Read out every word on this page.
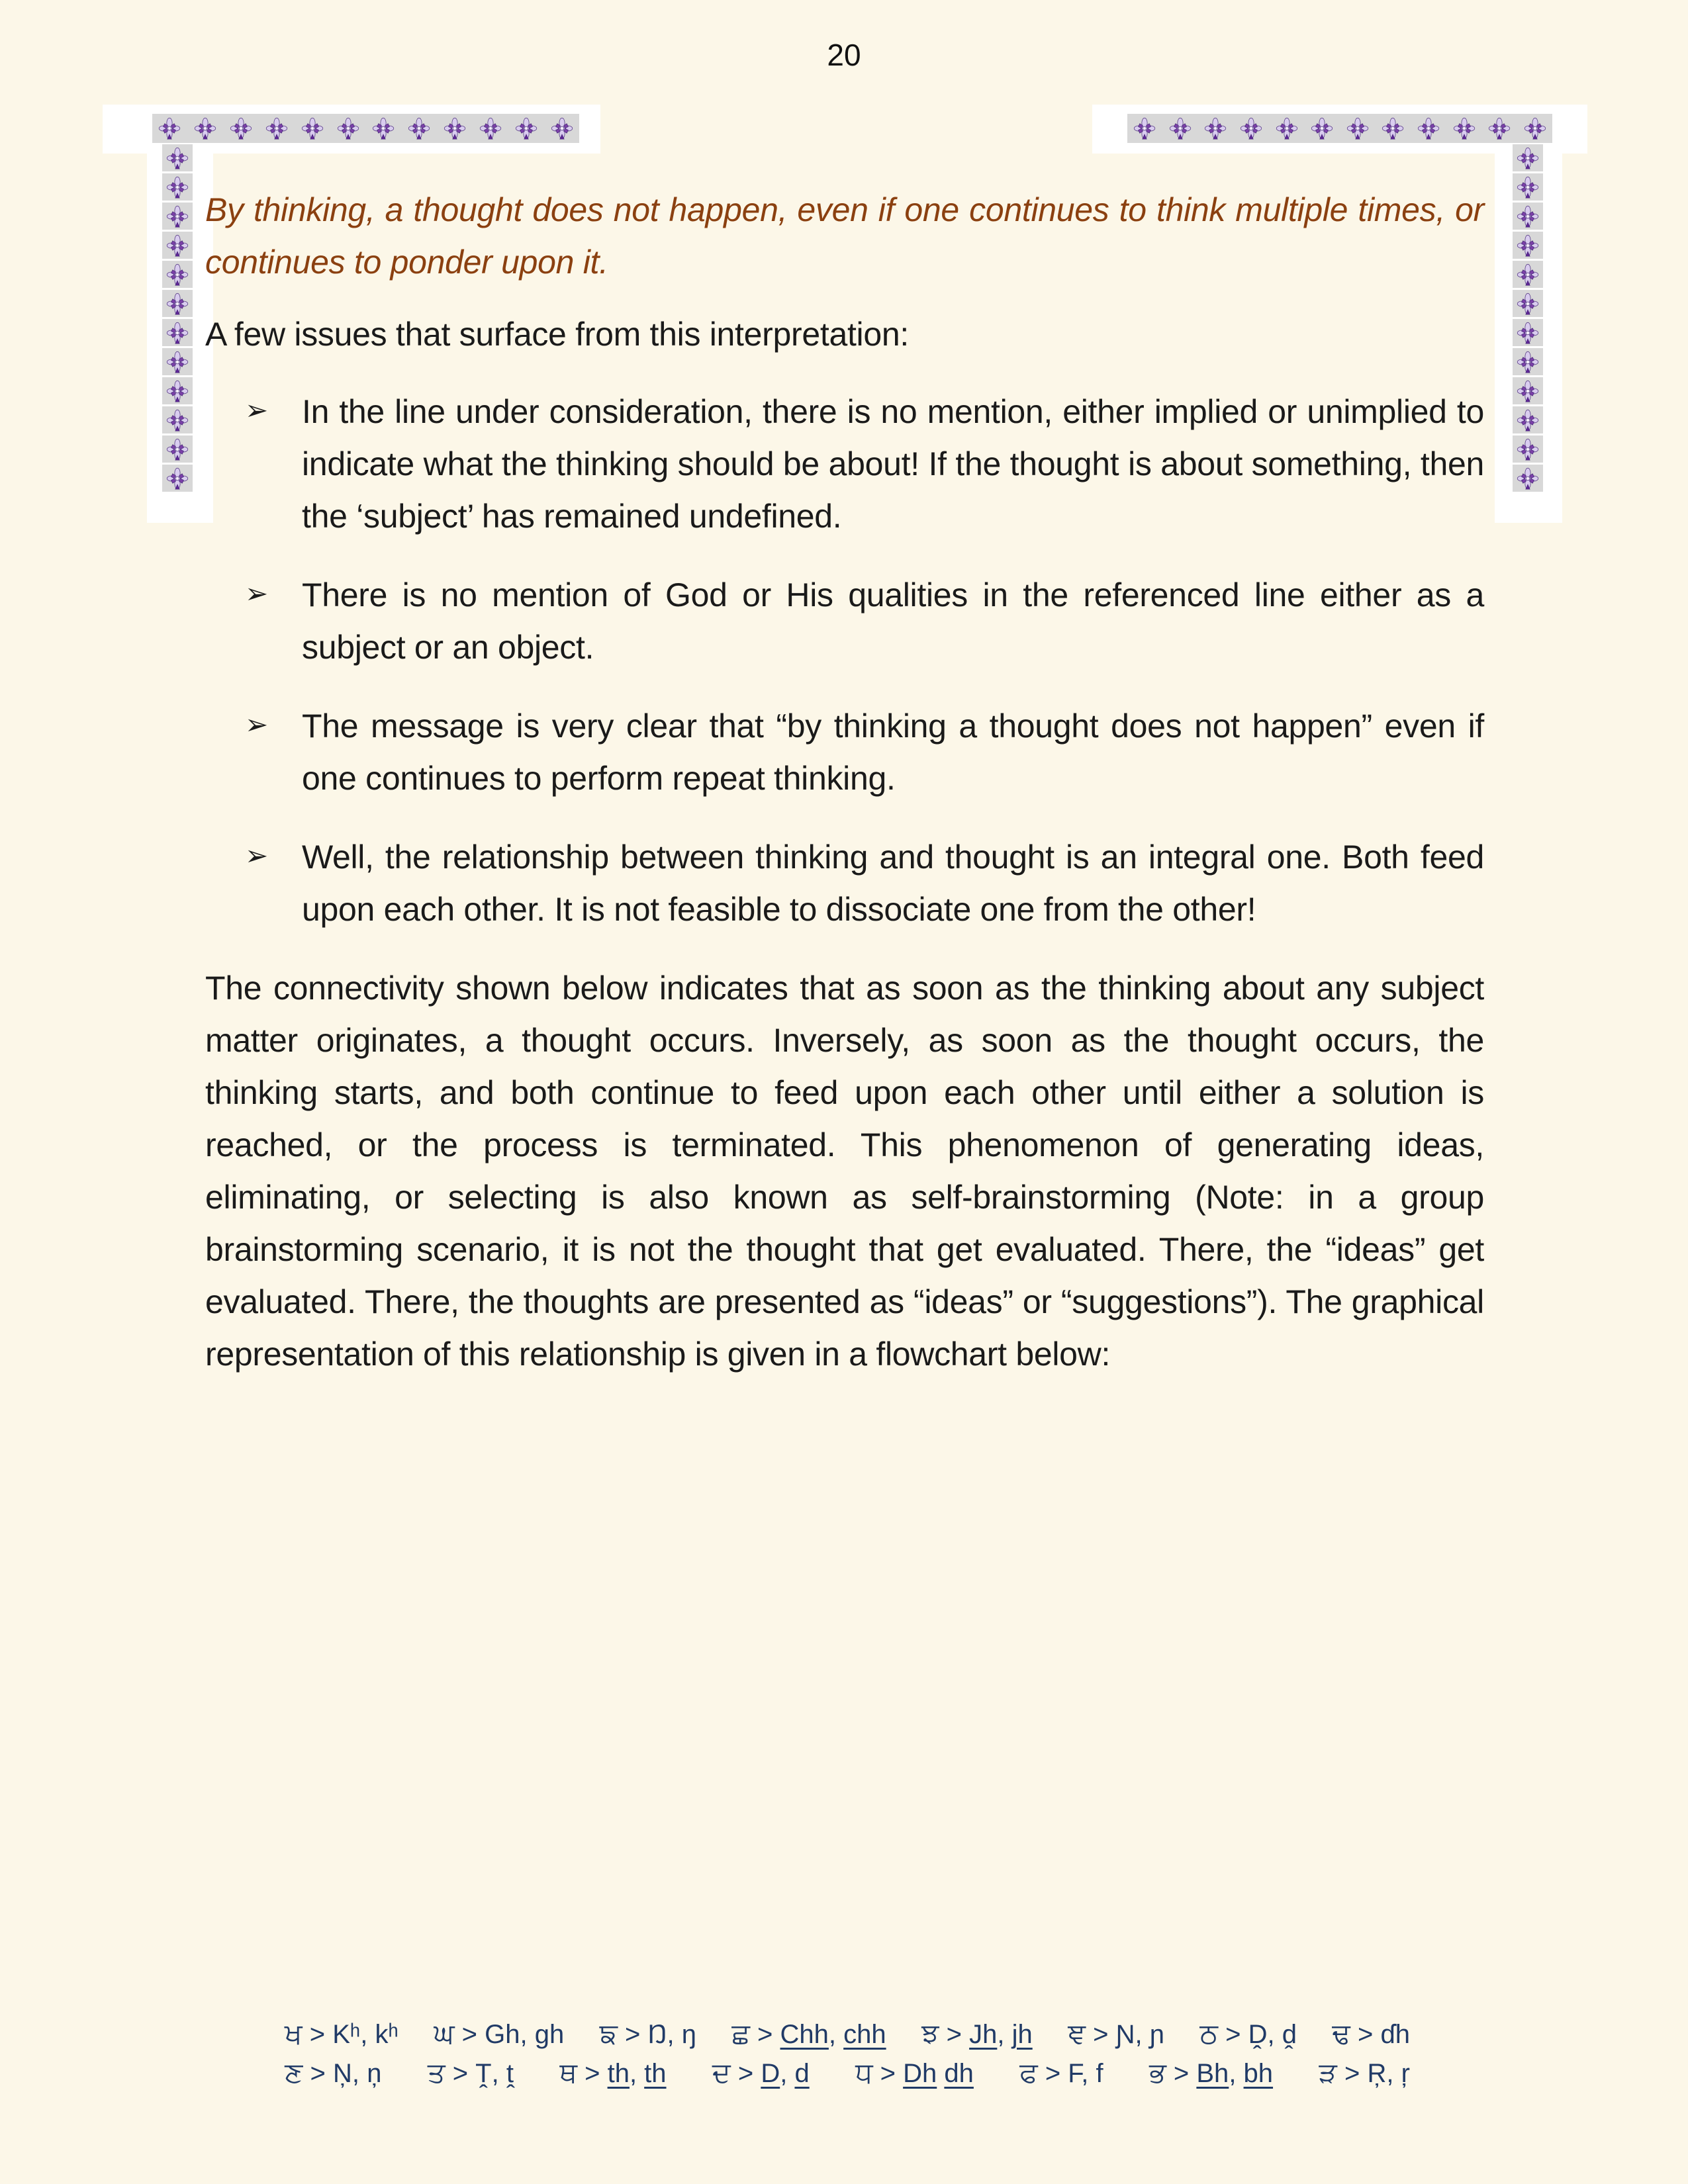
20

By thinking, a thought does not happen, even if one continues to think multiple times, or continues to ponder upon it.

A few issues that surface from this interpretation:

➢	In the line under consideration, there is no mention, either implied or unimplied to indicate what the thinking should be about! If the thought is about something, then the ‘subject’ has remained undefined.
➢	There is no mention of God or His qualities in the referenced line either as a subject or an object.
➢	The message is very clear that “by thinking a thought does not happen” even if one continues to perform repeat thinking.
➢	Well, the relationship between thinking and thought is an integral one. Both feed upon each other. It is not feasible to dissociate one from the other!

The connectivity shown below indicates that as soon as the thinking about any subject matter originates, a thought occurs. Inversely, as soon as the thought occurs, the thinking starts, and both continue to feed upon each other until either a solution is reached, or the process is terminated. This phenomenon of generating ideas, eliminating, or selecting is also known as self-brainstorming (Note: in a group brainstorming scenario, it is not the thought that get evaluated. There, the “ideas” get evaluated. There, the thoughts are presented as “ideas” or “suggestions”). The graphical representation of this relationship is given in a flowchart below:

ਖ > Kʰ, kʰ ਘ > Gh, gh ਙ > Ŋ, ŋ ਛ > Chh, chh ਝ > Jh, jh ਞ > Ɲ, ɲ ਠ > Ḓ, ḓ ਢ > ɗh
ਣ > Ņ, ņ ਤ > Ṱ, ṱ ਥ > th, th ਦ > D, d ਧ > Dh dh ਫ > F, f ਭ > Bh, bh ੜ > Ŗ, ŗ
